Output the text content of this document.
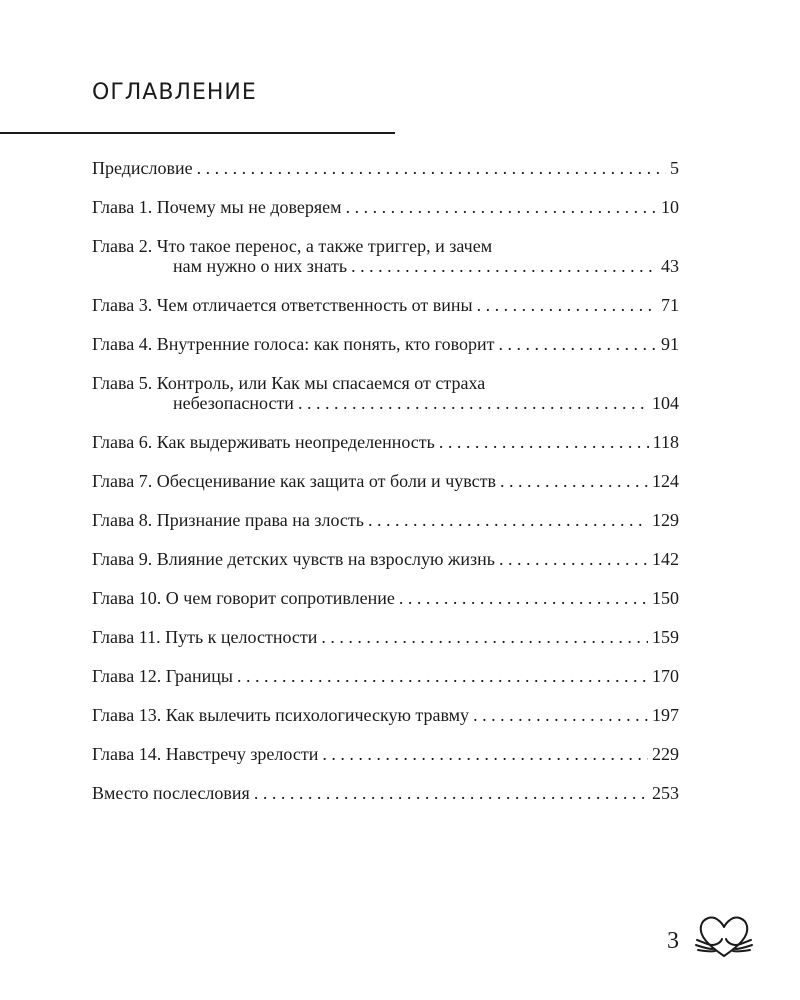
ОГЛАВЛЕНИЕ
Предисловие . . .	5
Глава 1. Почему мы не доверяем . . .	10
Глава 2. Что такое перенос, а также триггер, и зачем
нам нужно о них знать . . .	43
Глава 3. Чем отличается ответственность от вины . . .	71
Глава 4. Внутренние голоса: как понять, кто говорит . . .	91
Глава 5. Контроль, или Как мы спасаемся от страха
небезопасности . . .	104
Глава 6. Как выдерживать неопределенность . . .	118
Глава 7. Обесценивание как защита от боли и чувств . . .	124
Глава 8. Признание права на злость . . .	129
Глава 9. Влияние детских чувств на взрослую жизнь . . .	142
Глава 10. О чем говорит сопротивление . . .	150
Глава 11. Путь к целостности . . .	159
Глава 12. Границы . . .	170
Глава 13. Как вылечить психологическую травму . . .	197
Глава 14. Навстречу зрелости . . .	229
Вместо послесловия . . .	253
3
